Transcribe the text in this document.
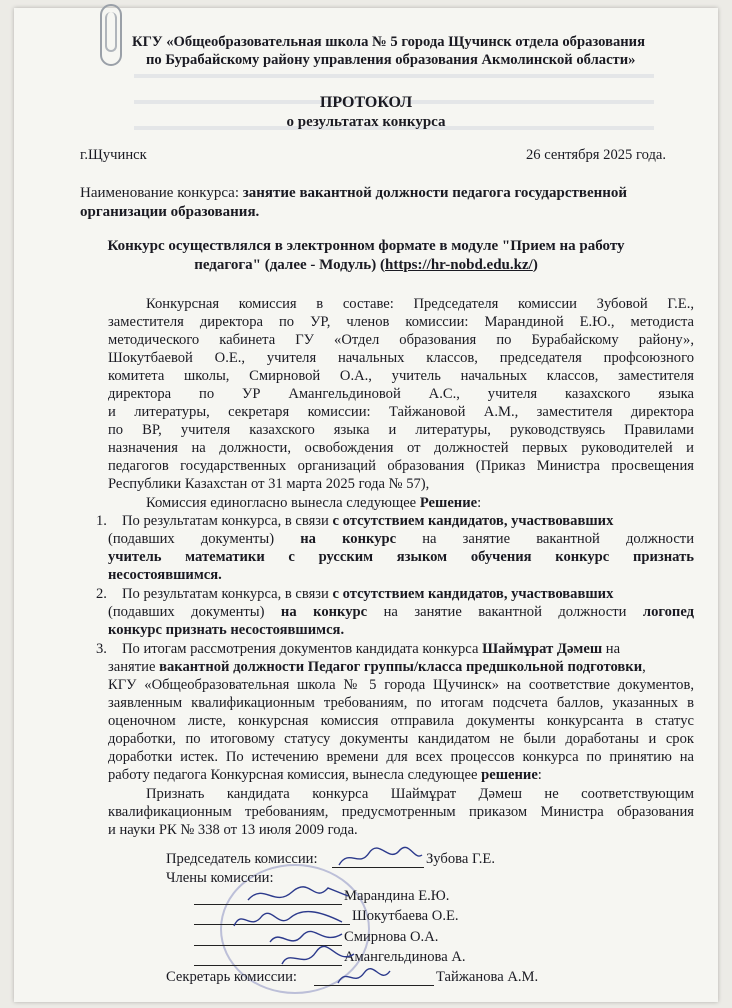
КГУ «Общеобразовательная школа № 5 города Щучинск отдела образования
по Бурабайскому району управления образования Акмолинской области»
ПРОТОКОЛ
о результатах конкурса
г.Щучинск	26 сентября 2025 года.
Наименование конкурса: занятие вакантной должности педагога государственной
организации образования.
Конкурс осуществлялся в электронном формате в модуле "Прием на работу
педагога" (далее - Модуль) (https://hr-nobd.edu.kz/)
Конкурсная комиссия в составе: Председателя комиссии Зубовой Г.Е.,
заместителя директора по УР, членов комиссии: Марандиной Е.Ю., методиста
методического кабинета ГУ «Отдел образования по Бурабайскому району»,
Шокутбаевой О.Е., учителя начальных классов, председателя профсоюзного
комитета школы, Смирновой О.А., учитель начальных классов, заместителя
директора по УР Амангельдиновой А.С., учителя казахского языка
и литературы, секретаря комиссии: Тайжановой А.М., заместителя директора
по ВР, учителя казахского языка и литературы, руководствуясь Правилами
назначения на должности, освобождения от должностей первых руководителей и
педагогов государственных организаций образования (Приказ Министра просвещения
Республики Казахстан от 31 марта 2025 года № 57),
Комиссия единогласно вынесла следующее Решение:
1. По результатам конкурса, в связи с отсутствием кандидатов, участвовавших
(подавших документы) на конкурс на занятие вакантной должности
учитель математики с русским языком обучения конкурс признать
несостоявшимся.
2. По результатам конкурса, в связи с отсутствием кандидатов, участвовавших
(подавших документы) на конкурс на занятие вакантной должности логопед
конкурс признать несостоявшимся.
3. По итогам рассмотрения документов кандидата конкурса Шаймұрат Дәмеш на
занятие вакантной должности Педагог группы/класса предшкольной подготовки,
КГУ «Общеобразовательная школа № 5 города Щучинск» на соответствие документов,
заявленным квалификационным требованиям, по итогам подсчета баллов, указанных в
оценочном листе, конкурсная комиссия отправила документы конкурсанта в статус
доработки, по итоговому статусу документы кандидатом не были доработаны и срок
доработки истек. По истечению времени для всех процессов конкурса по принятию на
работу педагога Конкурсная комиссия, вынесла следующее решение:
Признать кандидата конкурса Шаймұрат Дәмеш не соответствующим
квалификационным требованиям, предусмотренным приказом Министра образования
и науки РК № 338 от 13 июля 2009 года.
Председатель комиссии:	Зубова Г.Е.
Члены комиссии:
Марандина Е.Ю.
Шокутбаева О.Е.
Смирнова О.А.
Амангельдинова А.
Секретарь комиссии:	Тайжанова А.М.
